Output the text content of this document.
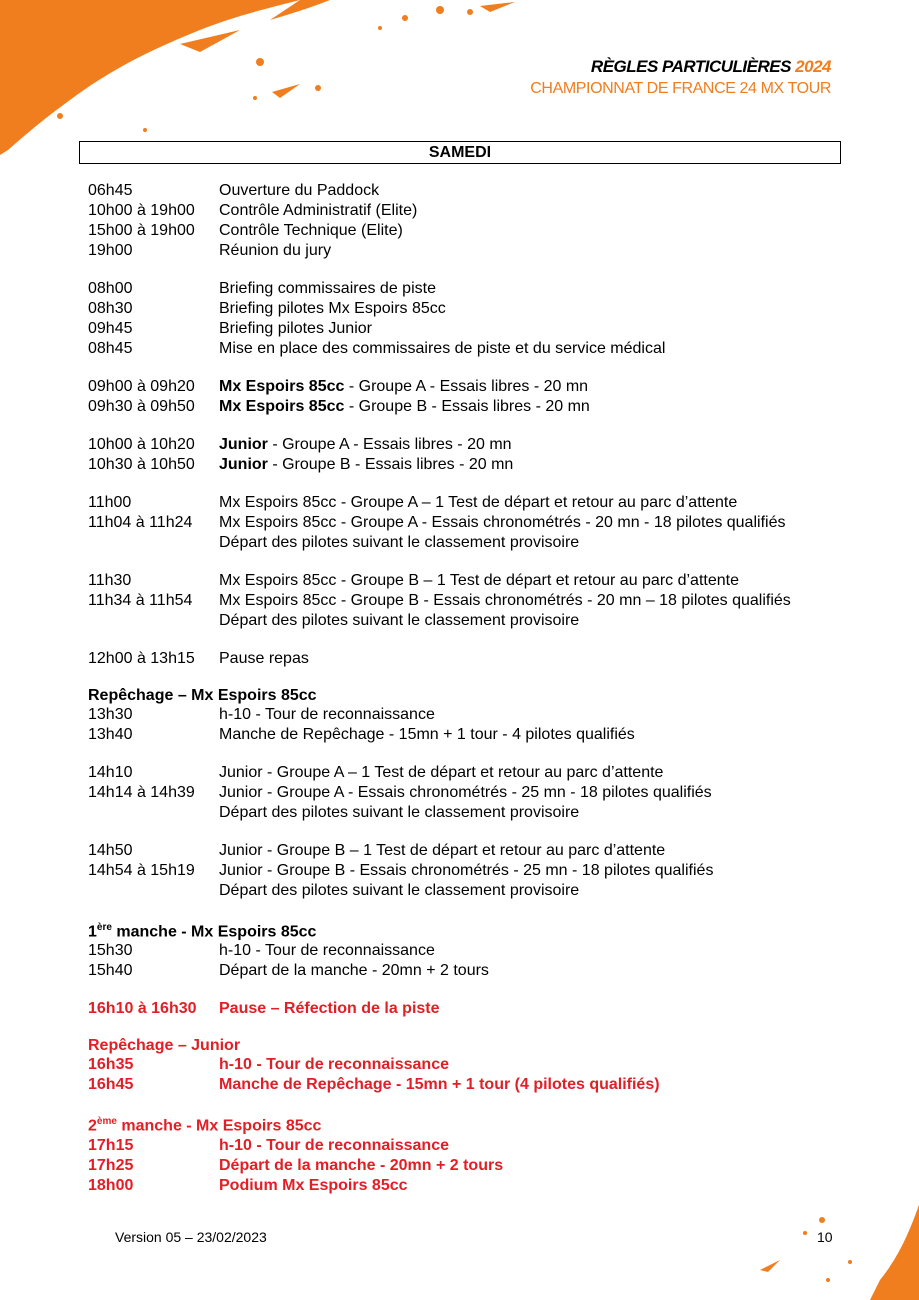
RÈGLES PARTICULIÈRES 2024
CHAMPIONNAT DE FRANCE 24 MX TOUR
SAMEDI
06h45	Ouverture du Paddock
10h00 à 19h00	Contrôle Administratif (Elite)
15h00 à 19h00	Contrôle Technique (Elite)
19h00	Réunion du jury
08h00	Briefing commissaires de piste
08h30	Briefing pilotes Mx Espoirs 85cc
09h45	Briefing pilotes Junior
08h45	Mise en place des commissaires de piste et du service médical
09h00 à 09h20	Mx Espoirs 85cc - Groupe A - Essais libres - 20 mn
09h30 à 09h50	Mx Espoirs 85cc - Groupe B - Essais libres - 20 mn
10h00 à 10h20	Junior - Groupe A - Essais libres - 20 mn
10h30 à 10h50	Junior - Groupe B - Essais libres - 20 mn
11h00	Mx Espoirs 85cc - Groupe A – 1 Test de départ et retour au parc d’attente
11h04 à 11h24	Mx Espoirs 85cc - Groupe A - Essais chronométrés - 20 mn - 18 pilotes qualifiés
Départ des pilotes suivant le classement provisoire
11h30	Mx Espoirs 85cc - Groupe B – 1 Test de départ et retour au parc d’attente
11h34 à 11h54	Mx Espoirs 85cc - Groupe B - Essais chronométrés - 20 mn – 18 pilotes qualifiés
Départ des pilotes suivant le classement provisoire
12h00 à 13h15	Pause repas
Repêchage – Mx Espoirs 85cc
13h30	h-10 - Tour de reconnaissance
13h40	Manche de Repêchage - 15mn + 1 tour - 4 pilotes qualifiés
14h10	Junior - Groupe A – 1 Test de départ et retour au parc d’attente
14h14 à 14h39	Junior - Groupe A - Essais chronométrés - 25 mn - 18 pilotes qualifiés
Départ des pilotes suivant le classement provisoire
14h50	Junior - Groupe B – 1 Test de départ et retour au parc d’attente
14h54 à 15h19	Junior - Groupe B - Essais chronométrés - 25 mn - 18 pilotes qualifiés
Départ des pilotes suivant le classement provisoire
1ère manche - Mx Espoirs 85cc
15h30	h-10 - Tour de reconnaissance
15h40	Départ de la manche - 20mn + 2 tours
16h10 à 16h30	Pause – Réfection de la piste
Repêchage – Junior
16h35	h-10 - Tour de reconnaissance
16h45	Manche de Repêchage - 15mn + 1 tour (4 pilotes qualifiés)
2ème manche - Mx Espoirs 85cc
17h15	h-10 - Tour de reconnaissance
17h25	Départ de la manche - 20mn + 2 tours
18h00	Podium Mx Espoirs 85cc
Version 05 – 23/02/2023	10
